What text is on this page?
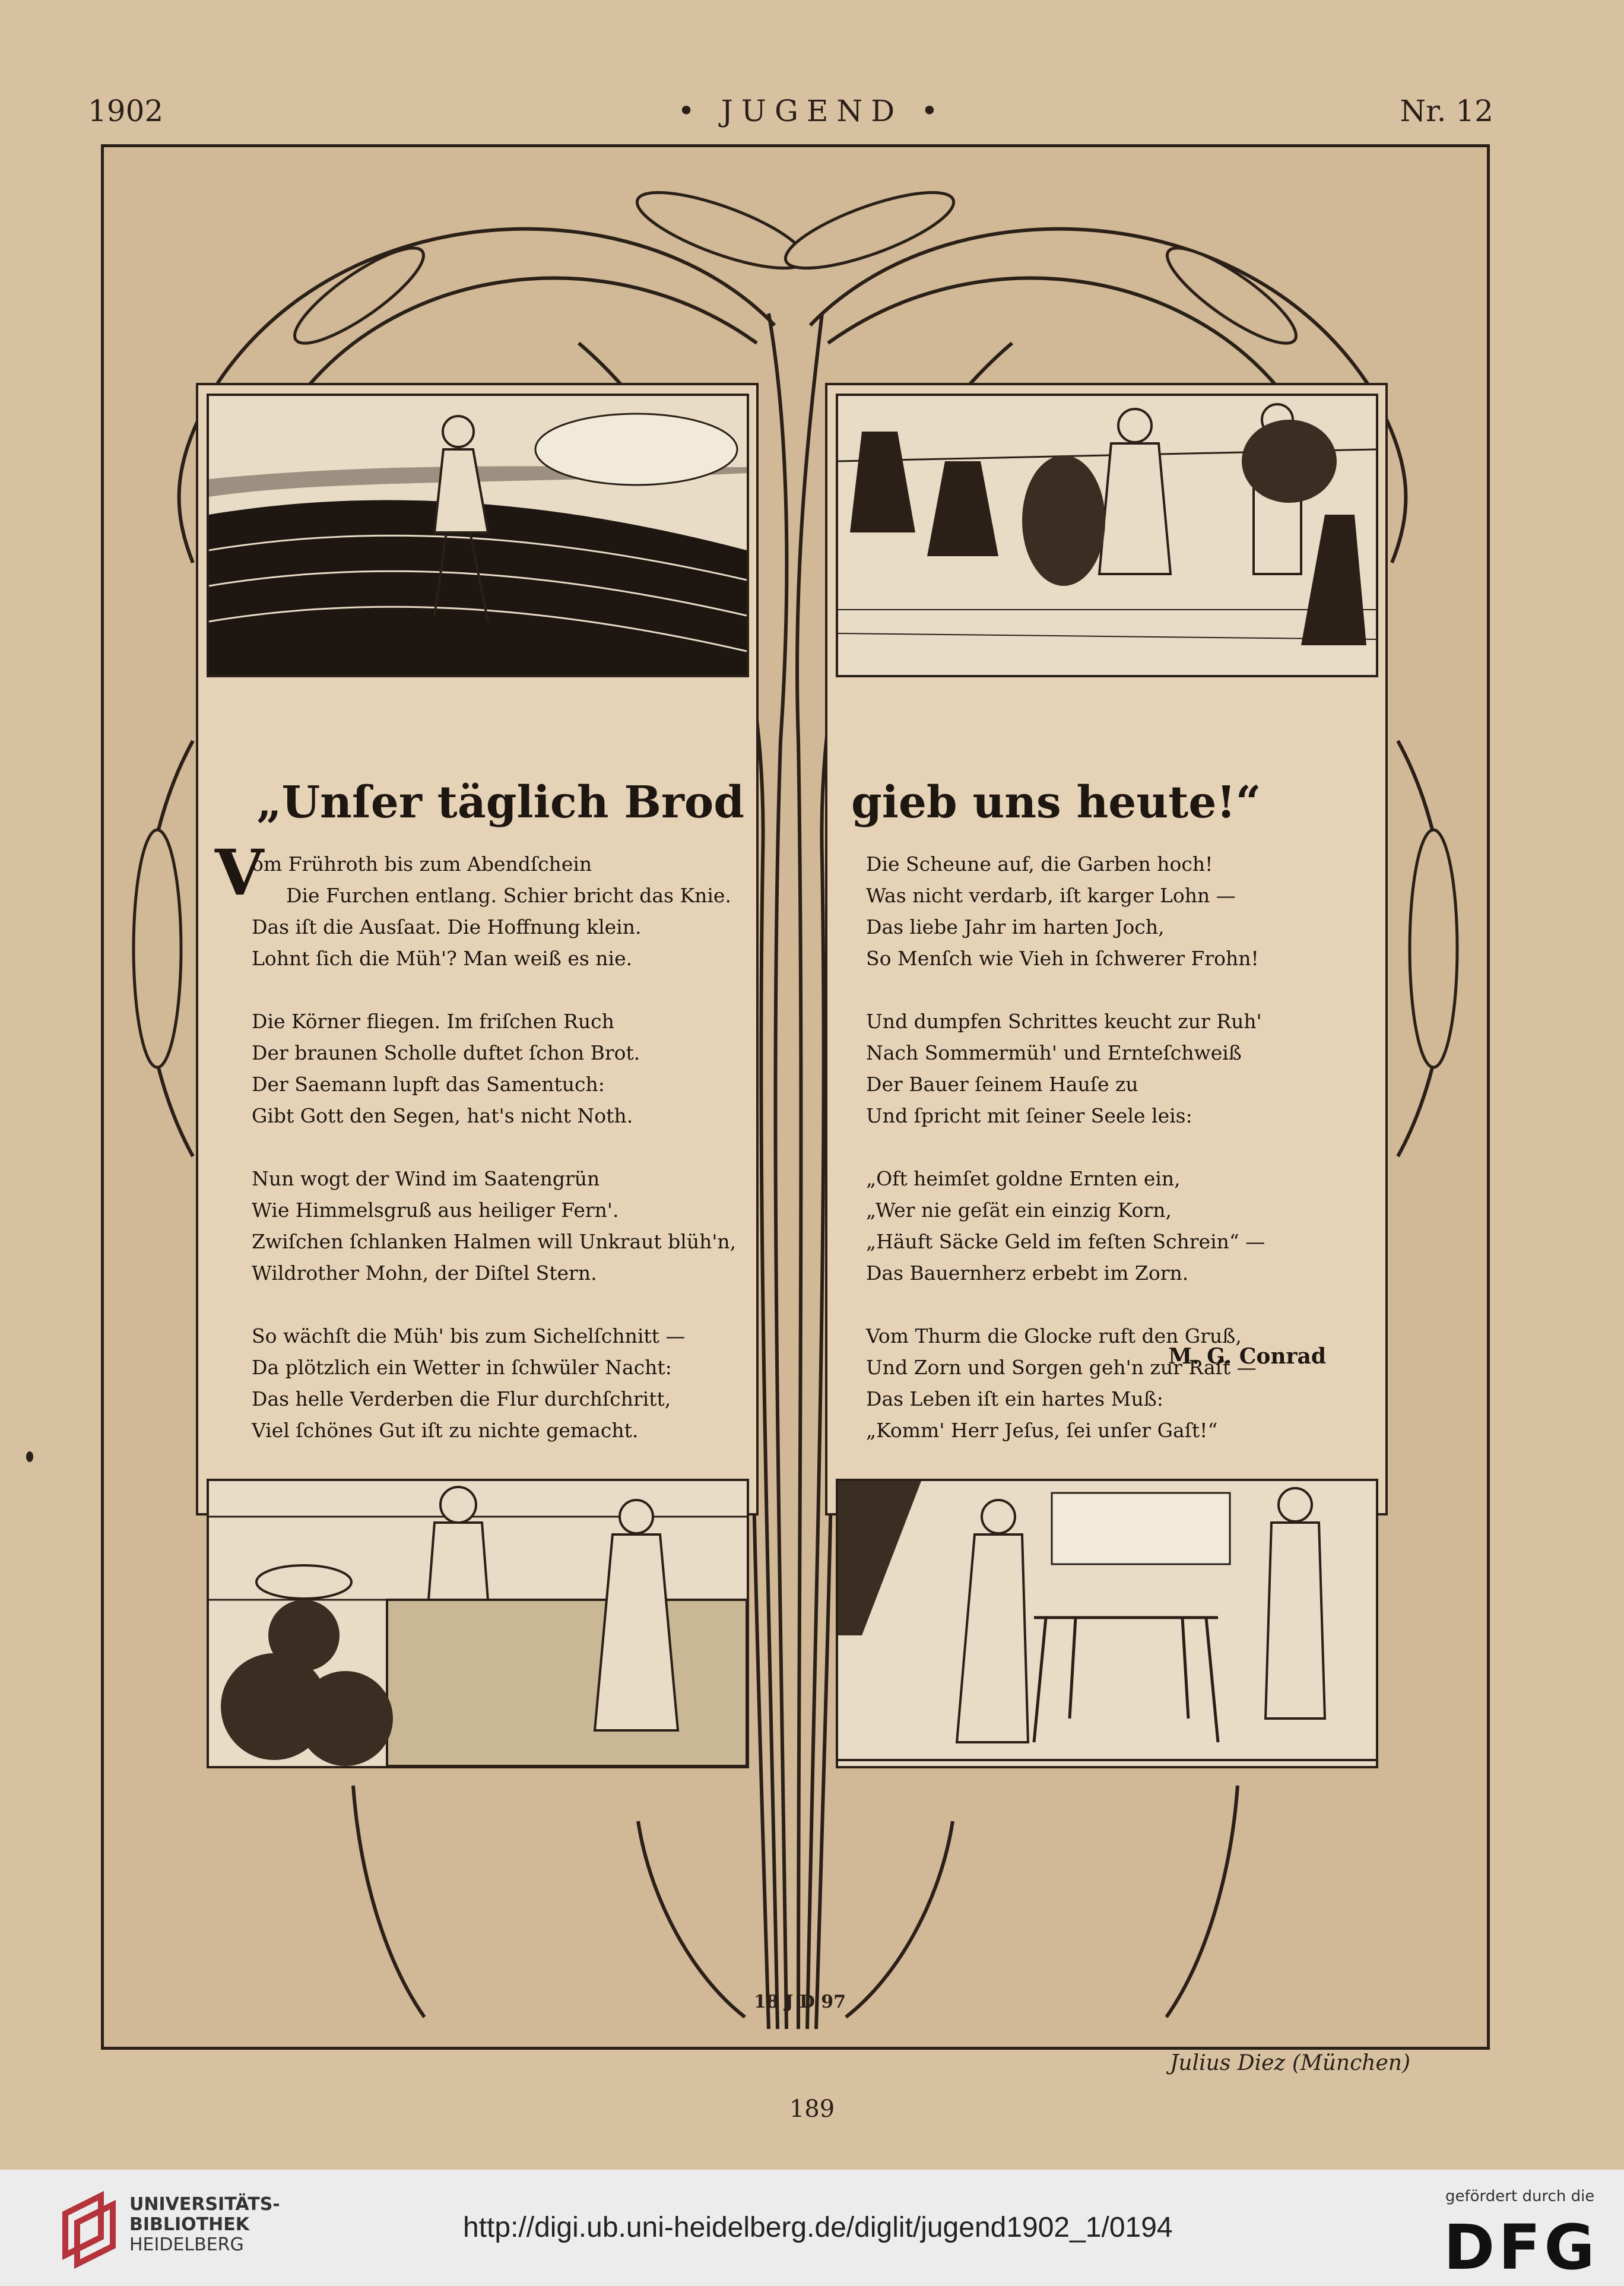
1902	• JUGEND •	Nr. 12
„Unſer täglich Brod
V
om Frühroth bis zum Abendſchein
Die Furchen entlang. Schier bricht das Knie.
Das iſt die Ausſaat. Die Hoffnung klein.
Lohnt ſich die Müh'? Man weiß es nie.
Die Körner fliegen. Im friſchen Ruch
Der braunen Scholle duftet ſchon Brot.
Der Saemann lupft das Samentuch:
Gibt Gott den Segen, hat's nicht Noth.
Nun wogt der Wind im Saatengrün
Wie Himmelsgruß aus heiliger Fern'.
Zwiſchen ſchlanken Halmen will Unkraut blüh'n,
Wildrother Mohn, der Diſtel Stern.
So wächſt die Müh' bis zum Sichelſchnitt —
Da plötzlich ein Wetter in ſchwüler Nacht:
Das helle Verderben die Flur durchſchritt,
Viel ſchönes Gut iſt zu nichte gemacht.
gieb uns heute!“
Die Scheune auf, die Garben hoch!
Was nicht verdarb, iſt karger Lohn —
Das liebe Jahr im harten Joch,
So Menſch wie Vieh in ſchwerer Frohn!
Und dumpfen Schrittes keucht zur Ruh'
Nach Sommermüh' und Ernteſchweiß
Der Bauer ſeinem Hauſe zu
Und ſpricht mit ſeiner Seele leis:
„Oft heimſet goldne Ernten ein,
„Wer nie geſät ein einzig Korn,
„Häuft Säcke Geld im feſten Schrein“ —
Das Bauernherz erbebt im Zorn.
Vom Thurm die Glocke ruft den Gruß,
Und Zorn und Sorgen geh'n zur Raſt —
Das Leben iſt ein hartes Muß:
„Komm' Herr Jeſus, ſei unſer Gaſt!“
M. G. Conrad
18 J D 97
Julius Diez (München)
189
UNIVERSITÄTS-
BIBLIOTHEK
HEIDELBERG
http://digi.ub.uni-heidelberg.de/diglit/jugend1902_1/0194
gefördert durch die
DFG
